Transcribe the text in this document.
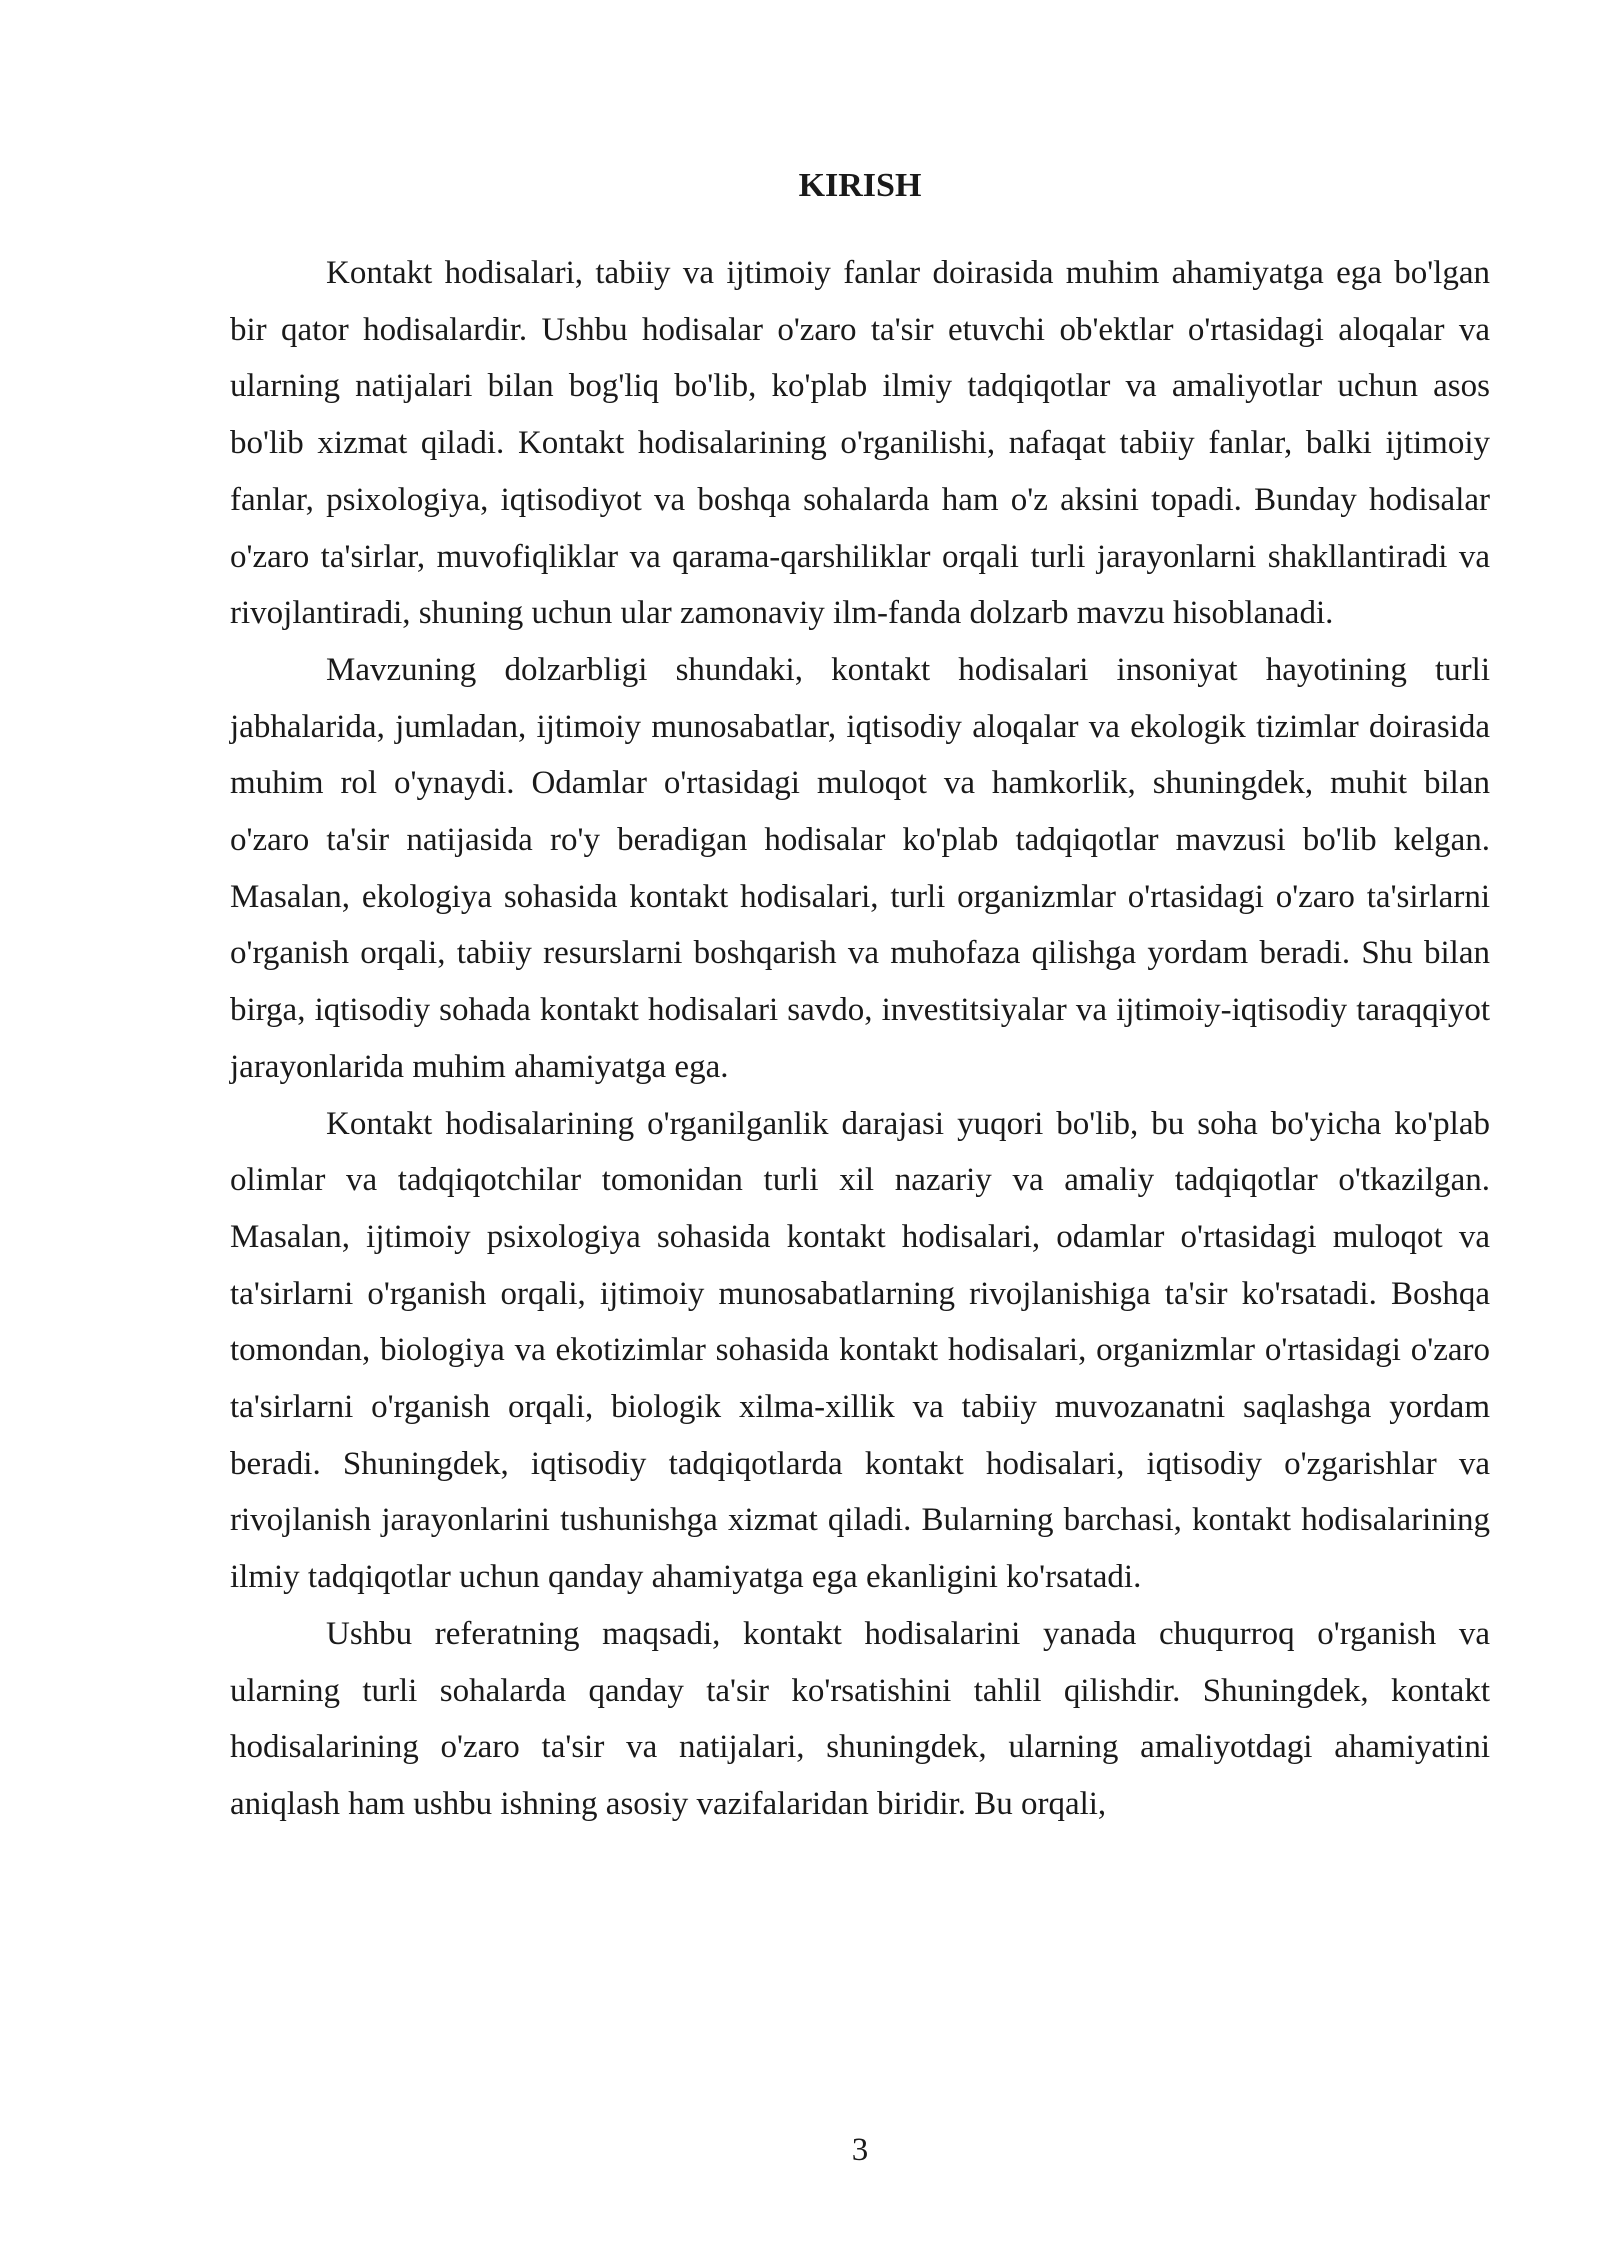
KIRISH

Kontakt hodisalari, tabiiy va ijtimoiy fanlar doirasida muhim ahamiyatga ega bo'lgan bir qator hodisalardir. Ushbu hodisalar o'zaro ta'sir etuvchi ob'ektlar o'rtasidagi aloqalar va ularning natijalari bilan bog'liq bo'lib, ko'plab ilmiy tadqiqotlar va amaliyotlar uchun asos bo'lib xizmat qiladi. Kontakt hodisalarining o'rganilishi, nafaqat tabiiy fanlar, balki ijtimoiy fanlar, psixologiya, iqtisodiyot va boshqa sohalarda ham o'z aksini topadi. Bunday hodisalar o'zaro ta'sirlar, muvofiqliklar va qarama-qarshiliklar orqali turli jarayonlarni shakllantiradi va rivojlantiradi, shuning uchun ular zamonaviy ilm-fanda dolzarb mavzu hisoblanadi.

Mavzuning dolzarbligi shundaki, kontakt hodisalari insoniyat hayotining turli jabhalarida, jumladan, ijtimoiy munosabatlar, iqtisodiy aloqalar va ekologik tizimlar doirasida muhim rol o'ynaydi. Odamlar o'rtasidagi muloqot va hamkorlik, shuningdek, muhit bilan o'zaro ta'sir natijasida ro'y beradigan hodisalar ko'plab tadqiqotlar mavzusi bo'lib kelgan. Masalan, ekologiya sohasida kontakt hodisalari, turli organizmlar o'rtasidagi o'zaro ta'sirlarni o'rganish orqali, tabiiy resurslarni boshqarish va muhofaza qilishga yordam beradi. Shu bilan birga, iqtisodiy sohada kontakt hodisalari savdo, investitsiyalar va ijtimoiy-iqtisodiy taraqqiyot jarayonlarida muhim ahamiyatga ega.

Kontakt hodisalarining o'rganilganlik darajasi yuqori bo'lib, bu soha bo'yicha ko'plab olimlar va tadqiqotchilar tomonidan turli xil nazariy va amaliy tadqiqotlar o'tkazilgan. Masalan, ijtimoiy psixologiya sohasida kontakt hodisalari, odamlar o'rtasidagi muloqot va ta'sirlarni o'rganish orqali, ijtimoiy munosabatlarning rivojlanishiga ta'sir ko'rsatadi. Boshqa tomondan, biologiya va ekotizimlar sohasida kontakt hodisalari, organizmlar o'rtasidagi o'zaro ta'sirlarni o'rganish orqali, biologik xilma-xillik va tabiiy muvozanatni saqlashga yordam beradi. Shuningdek, iqtisodiy tadqiqotlarda kontakt hodisalari, iqtisodiy o'zgarishlar va rivojlanish jarayonlarini tushunishga xizmat qiladi. Bularning barchasi, kontakt hodisalarining ilmiy tadqiqotlar uchun qanday ahamiyatga ega ekanligini ko'rsatadi.

Ushbu referatning maqsadi, kontakt hodisalarini yanada chuqurroq o'rganish va ularning turli sohalarda qanday ta'sir ko'rsatishini tahlil qilishdir. Shuningdek, kontakt hodisalarining o'zaro ta'sir va natijalari, shuningdek, ularning amaliyotdagi ahamiyatini aniqlash ham ushbu ishning asosiy vazifalaridan biridir. Bu orqali,

3
